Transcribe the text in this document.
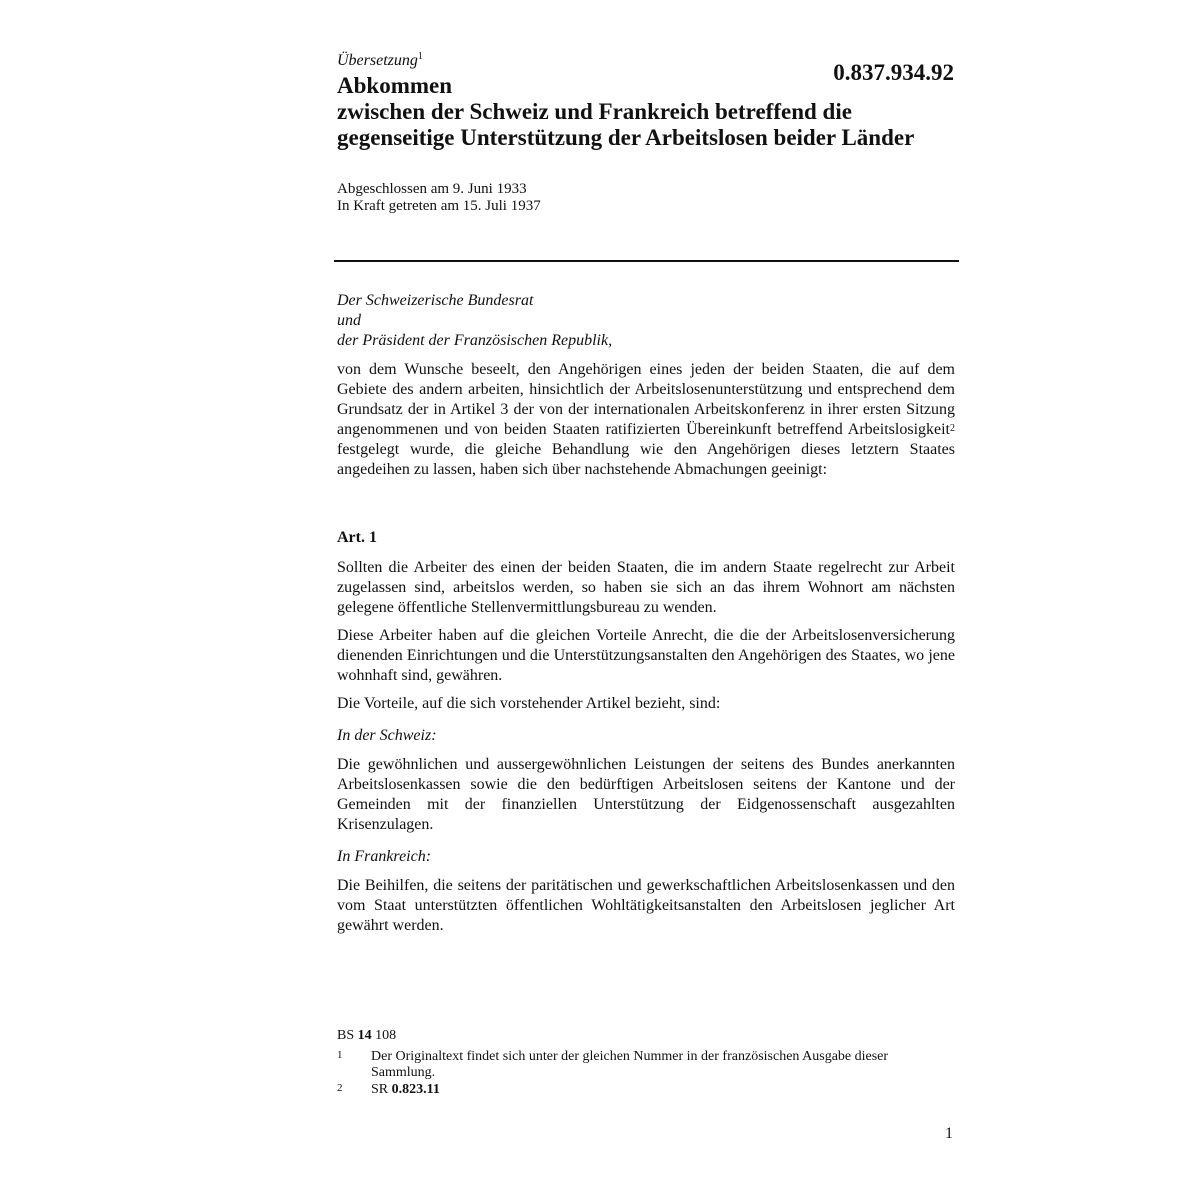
Übersetzung$^1$
0.837.934.92
Abkommen
zwischen der Schweiz und Frankreich betreffend die
gegenseitige Unterstützung der Arbeitslosen beider Länder
Abgeschlossen am 9. Juni 1933
In Kraft getreten am 15. Juli 1937
Der Schweizerische Bundesrat
und
der Präsident der Französischen Republik,

von dem Wunsche beseelt, den Angehörigen eines jeden der beiden Staaten, die auf dem Gebiete des andern arbeiten, hinsichtlich der Arbeitslosenunterstützung und entsprechend dem Grundsatz der in Artikel 3 der von der internationalen Arbeitskonferenz in ihrer ersten Sitzung angenommenen und von beiden Staaten ratifizierten Übereinkunft betreffend Arbeitslosigkeit$^2$ festgelegt wurde, die gleiche Behandlung wie den Angehörigen dieses letztern Staates angedeihen zu lassen, haben sich über nachstehende Abmachungen geeinigt:

Art. 1

Sollten die Arbeiter des einen der beiden Staaten, die im andern Staate regelrecht zur Arbeit zugelassen sind, arbeitslos werden, so haben sie sich an das ihrem Wohnort am nächsten gelegene öffentliche Stellenvermittlungsbureau zu wenden.

Diese Arbeiter haben auf die gleichen Vorteile Anrecht, die die der Arbeitslosenversicherung dienenden Einrichtungen und die Unterstützungsanstalten den Angehörigen des Staates, wo jene wohnhaft sind, gewähren.

Die Vorteile, auf die sich vorstehender Artikel bezieht, sind:

In der Schweiz:

Die gewöhnlichen und aussergewöhnlichen Leistungen der seitens des Bundes anerkannten Arbeitslosenkassen sowie die den bedürftigen Arbeitslosen seitens der Kantone und der Gemeinden mit der finanziellen Unterstützung der Eidgenossenschaft ausgezahlten Krisenzulagen.

In Frankreich:

Die Beihilfen, die seitens der paritätischen und gewerkschaftlichen Arbeitslosenkassen und den vom Staat unterstützten öffentlichen Wohltätigkeitsanstalten den Arbeitslosen jeglicher Art gewährt werden.

BS 14 108
1 Der Originaltext findet sich unter der gleichen Nummer in der französischen Ausgabe dieser Sammlung.
2 SR 0.823.11
1
